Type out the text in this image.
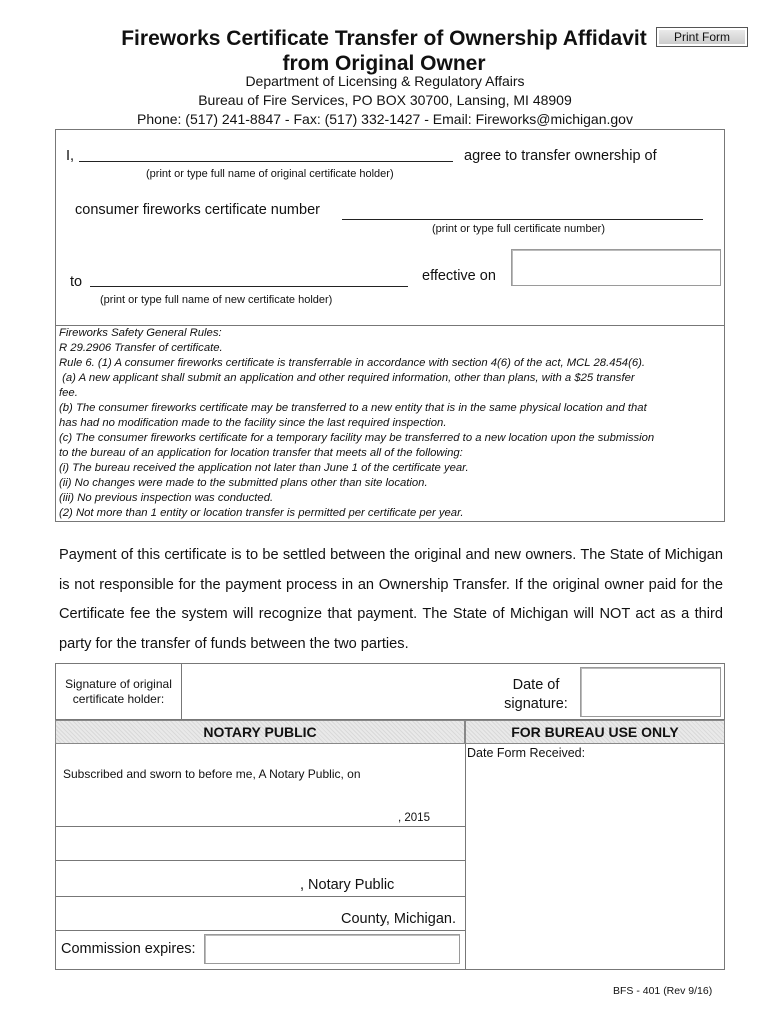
Fireworks Certificate Transfer of Ownership Affidavit
from Original Owner
Print Form
Department of Licensing & Regulatory Affairs
Bureau of Fire Services, PO BOX 30700, Lansing, MI 48909
Phone: (517) 241-8847 - Fax: (517) 332-1427 - Email: Fireworks@michigan.gov
I,	agree to transfer ownership of
(print or type full name of original certificate holder)
consumer fireworks certificate number
(print or type full certificate number)
to	effective on
(print or type full name of new certificate holder)
Fireworks Safety General Rules:
R 29.2906 Transfer of certificate.
Rule 6. (1) A consumer fireworks certificate is transferrable in accordance with section 4(6) of the act, MCL 28.454(6).
(a) A new applicant shall submit an application and other required information, other than plans, with a $25 transfer
fee.
(b) The consumer fireworks certificate may be transferred to a new entity that is in the same physical location and that
has had no modification made to the facility since the last required inspection.
(c) The consumer fireworks certificate for a temporary facility may be transferred to a new location upon the submission
to the bureau of an application for location transfer that meets all of the following:
(i) The bureau received the application not later than June 1 of the certificate year.
(ii) No changes were made to the submitted plans other than site location.
(iii) No previous inspection was conducted.
(2) Not more than 1 entity or location transfer is permitted per certificate per year.
Payment of this certificate is to be settled between the original and new owners. The State of Michigan is not responsible for the payment process in an Ownership Transfer. If the original owner paid for the Certificate fee the system will recognize that payment. The State of Michigan will NOT act as a third party for the transfer of funds between the two parties.
Signature of original
certificate holder:
Date of
signature:
NOTARY PUBLIC	FOR BUREAU USE ONLY
Date Form Received:
Subscribed and sworn to before me, A Notary Public, on
, 2015
, Notary Public
County, Michigan.
Commission expires:
BFS - 401 (Rev 9/16)
